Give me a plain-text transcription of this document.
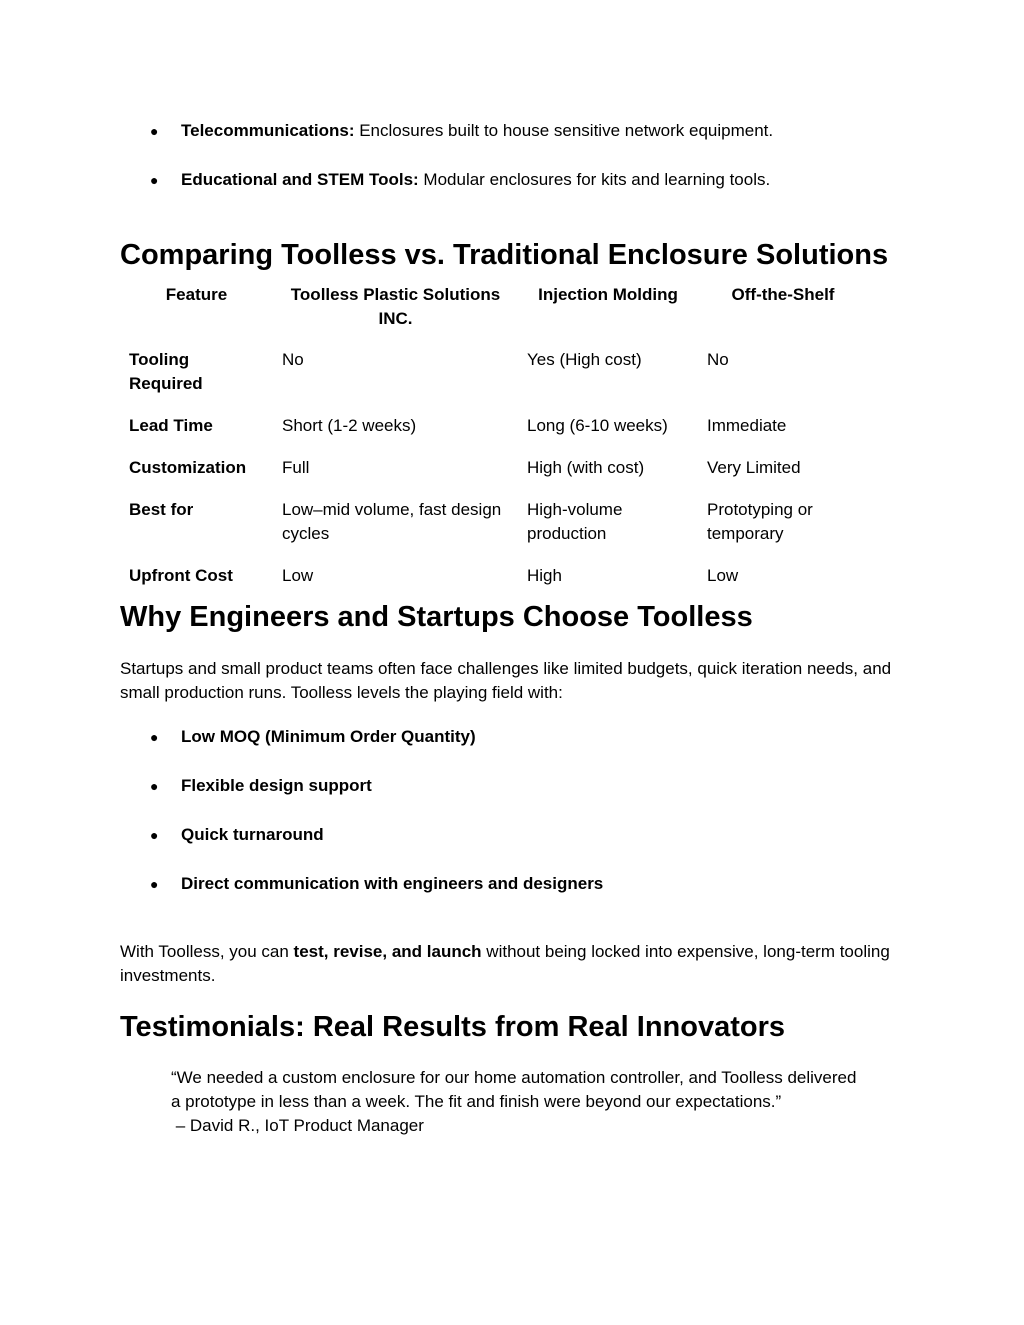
●	Telecommunications: Enclosures built to house sensitive network equipment.
●	Educational and STEM Tools: Modular enclosures for kits and learning tools.
Comparing Toolless vs. Traditional Enclosure Solutions
Feature	Toolless Plastic Solutions INC.	Injection Molding	Off-the-Shelf
Tooling Required	No	Yes (High cost)	No
Lead Time	Short (1-2 weeks)	Long (6-10 weeks)	Immediate
Customization	Full	High (with cost)	Very Limited
Best for	Low–mid volume, fast design cycles	High-volume production	Prototyping or temporary
Upfront Cost	Low	High	Low
Why Engineers and Startups Choose Toolless

Startups and small product teams often face challenges like limited budgets, quick iteration needs, and small production runs. Toolless levels the playing field with:

●	Low MOQ (Minimum Order Quantity)
●	Flexible design support
●	Quick turnaround
●	Direct communication with engineers and designers

With Toolless, you can test, revise, and launch without being locked into expensive, long-term tooling investments.

Testimonials: Real Results from Real Innovators
“We needed a custom enclosure for our home automation controller, and Toolless delivered a prototype in less than a week. The fit and finish were beyond our expectations.”
– David R., IoT Product Manager
